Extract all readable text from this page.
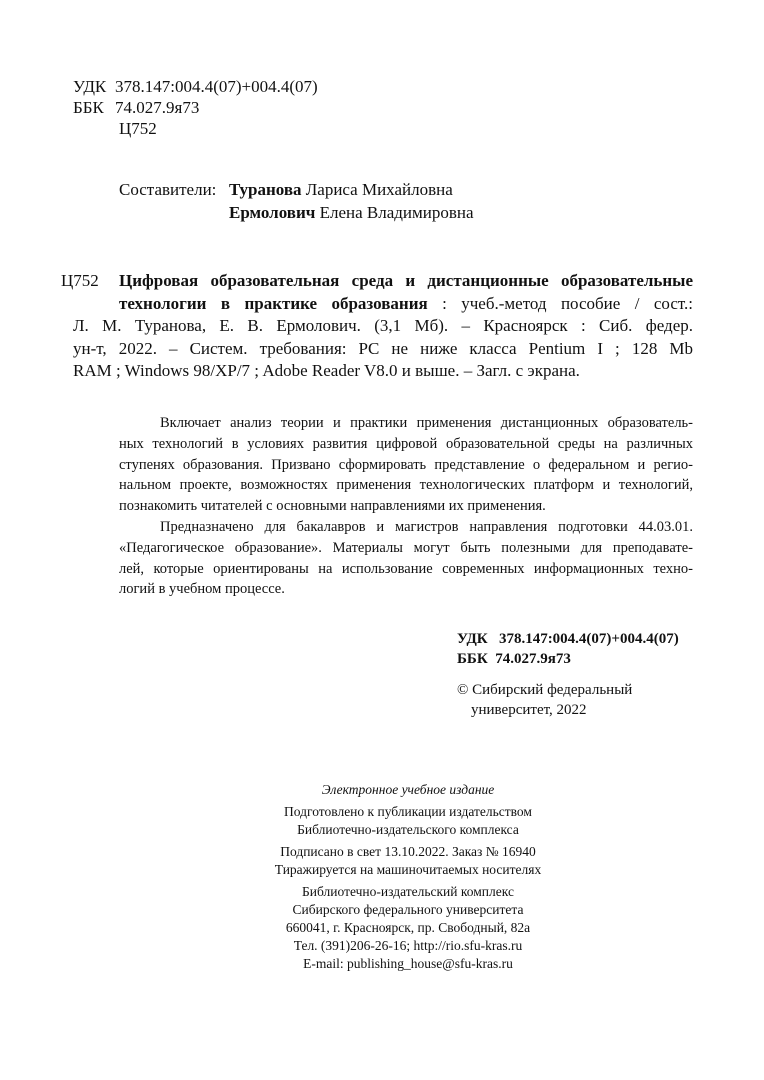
УДК 378.147:004.4(07)+004.4(07)
ББК 74.027.9я73
Ц752
Составители: Туранова Лариса Михайловна
Ермолович Елена Владимировна
Ц752 Цифровая образовательная среда и дистанционные образовательные
технологии в практике образования : учеб.-метод пособие / сост.:
Л. М. Туранова, Е. В. Ермолович. (3,1 Мб). – Красноярск : Сиб. федер.
ун-т, 2022. – Систем. требования: PC не ниже класса Pentium I ; 128 Mb
RAM ; Windows 98/XP/7 ; Adobe Reader V8.0 и выше. – Загл. с экрана.

Включает анализ теории и практики применения дистанционных образователь-
ных технологий в условиях развития цифровой образовательной среды на различных
ступенях образования. Призвано сформировать представление о федеральном и регио-
нальном проекте, возможностях применения технологических платформ и технологий,
познакомить читателей с основными направлениями их применения.
Предназначено для бакалавров и магистров направления подготовки 44.03.01.
«Педагогическое образование». Материалы могут быть полезными для преподавате-
лей, которые ориентированы на использование современных информационных техно-
логий в учебном процессе.
УДК   378.147:004.4(07)+004.4(07)
ББК  74.027.9я73
© Сибирский федеральный
университет, 2022
Электронное учебное издание
Подготовлено к публикации издательством
Библиотечно-издательского комплекса
Подписано в свет 13.10.2022. Заказ № 16940
Тиражируется на машиночитаемых носителях
Библиотечно-издательский комплекс
Сибирского федерального университета
660041, г. Красноярск, пр. Свободный, 82а
Тел. (391)206-26-16; http://rio.sfu-kras.ru
E-mail: publishing_house@sfu-kras.ru
